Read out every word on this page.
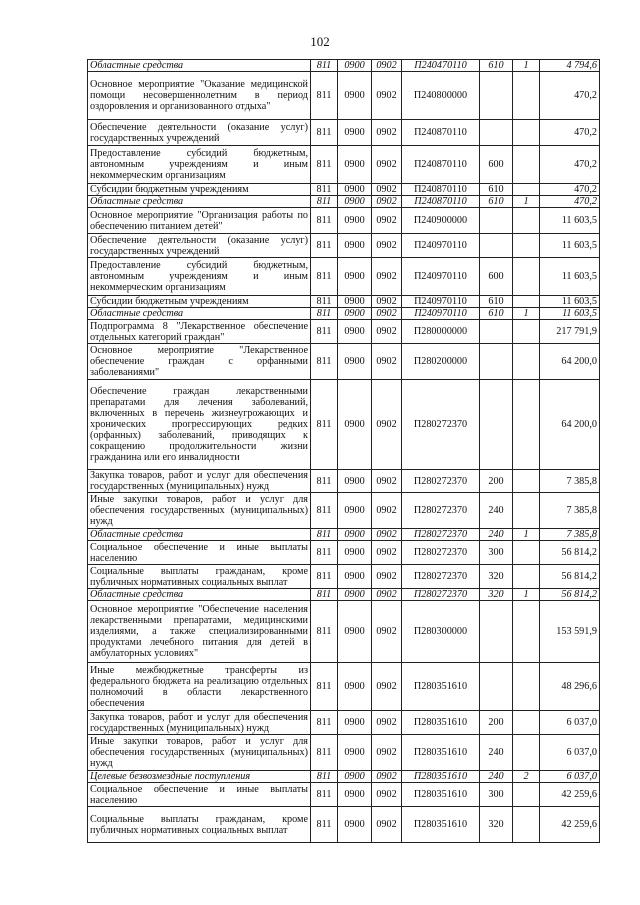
102
Областные средства	811	0900	0902	П240470110	610	1	4 794,6
Основное мероприятие "Оказание медицинской помощи несовершеннолетним в период оздоровления и организованного отдыха"	811	0900	0902	П240800000			470,2
Обеспечение деятельности (оказание услуг) государственных учреждений	811	0900	0902	П240870110			470,2
Предоставление субсидий бюджетным, автономным учреждениям и иным некоммерческим организациям	811	0900	0902	П240870110	600		470,2
Субсидии бюджетным учреждениям	811	0900	0902	П240870110	610		470,2
Областные средства	811	0900	0902	П240870110	610	1	470,2
Основное мероприятие "Организация работы по обеспечению питанием детей"	811	0900	0902	П240900000			11 603,5
Обеспечение деятельности (оказание услуг) государственных учреждений	811	0900	0902	П240970110			11 603,5
Предоставление субсидий бюджетным, автономным учреждениям и иным некоммерческим организациям	811	0900	0902	П240970110	600		11 603,5
Субсидии бюджетным учреждениям	811	0900	0902	П240970110	610		11 603,5
Областные средства	811	0900	0902	П240970110	610	1	11 603,5
Подпрограмма 8 "Лекарственное обеспечение отдельных категорий граждан"	811	0900	0902	П280000000			217 791,9
Основное мероприятие "Лекарственное обеспечение граждан с орфанными заболеваниями"	811	0900	0902	П280200000			64 200,0
Обеспечение граждан лекарственными препаратами для лечения заболеваний, включенных в перечень жизнеугрожающих и хронических прогрессирующих редких (орфанных) заболеваний, приводящих к сокращению продолжительности жизни гражданина или его инвалидности	811	0900	0902	П280272370			64 200,0
Закупка товаров, работ и услуг для обеспечения государственных (муниципальных) нужд	811	0900	0902	П280272370	200		7 385,8
Иные закупки товаров, работ и услуг для обеспечения государственных (муниципальных) нужд	811	0900	0902	П280272370	240		7 385,8
Областные средства	811	0900	0902	П280272370	240	1	7 385,8
Социальное обеспечение и иные выплаты населению	811	0900	0902	П280272370	300		56 814,2
Социальные выплаты гражданам, кроме публичных нормативных социальных выплат	811	0900	0902	П280272370	320		56 814,2
Областные средства	811	0900	0902	П280272370	320	1	56 814,2
Основное мероприятие "Обеспечение населения лекарственными препаратами, медицинскими изделиями, а также специализированными продуктами лечебного питания для детей в амбулаторных условиях"	811	0900	0902	П280300000			153 591,9
Иные межбюджетные трансферты из федерального бюджета на реализацию отдельных полномочий в области лекарственного обеспечения	811	0900	0902	П280351610			48 296,6
Закупка товаров, работ и услуг для обеспечения государственных (муниципальных) нужд	811	0900	0902	П280351610	200		6 037,0
Иные закупки товаров, работ и услуг для обеспечения государственных (муниципальных) нужд	811	0900	0902	П280351610	240		6 037,0
Целевые безвозмездные поступления	811	0900	0902	П280351610	240	2	6 037,0
Социальное обеспечение и иные выплаты населению	811	0900	0902	П280351610	300		42 259,6
Социальные выплаты гражданам, кроме публичных нормативных социальных выплат	811	0900	0902	П280351610	320		42 259,6
